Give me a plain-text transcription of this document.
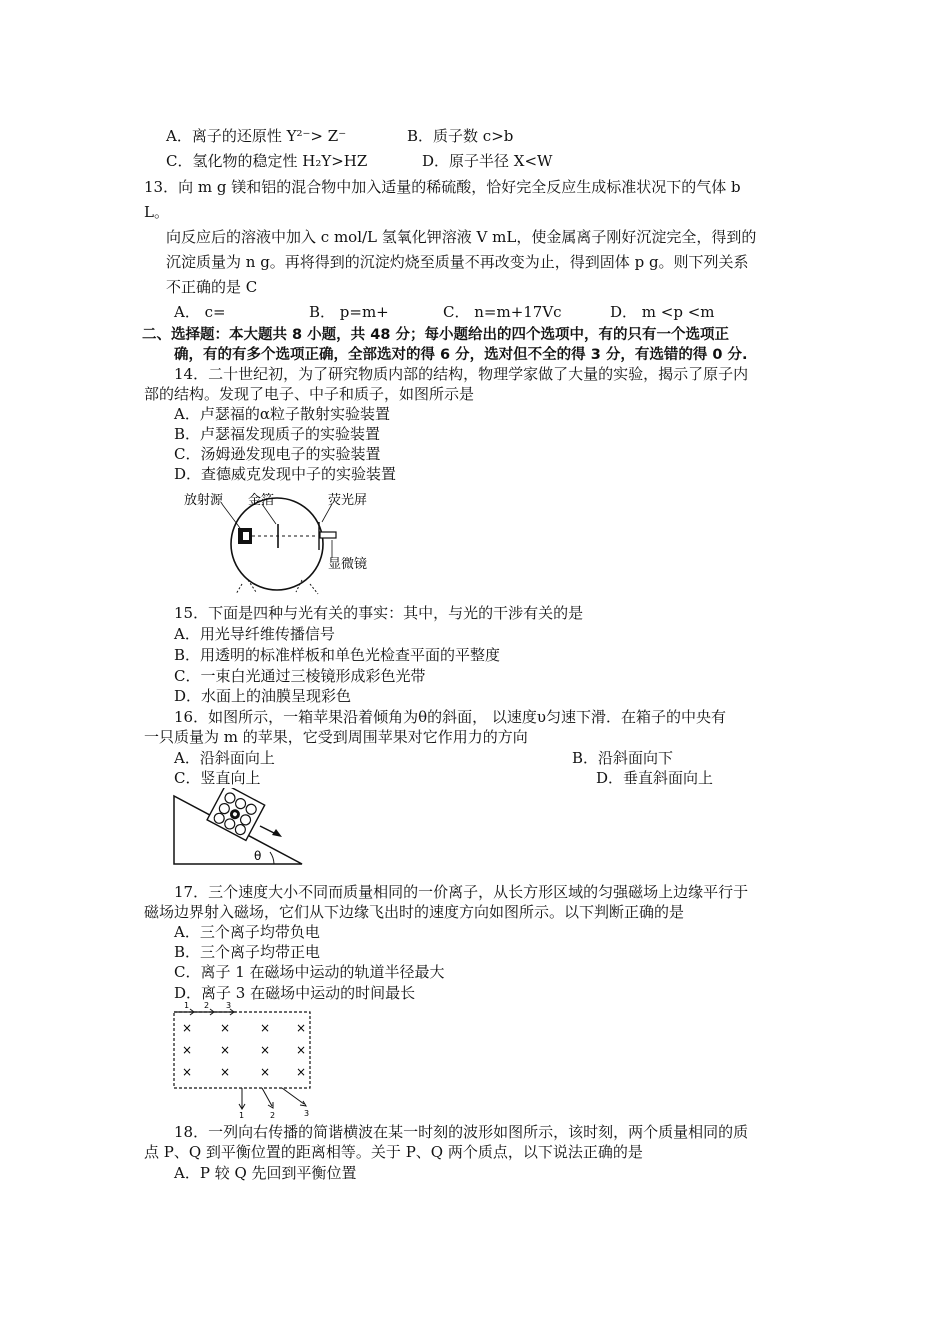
A．离子的还原性 Y²⁻> Z⁻	B．质子数 c>b
C．氢化物的稳定性 H₂Y>HZ	D．原子半径 X<W
13．向 m g 镁和铝的混合物中加入适量的稀硫酸，恰好完全反应生成标准状况下的气体 b
L。
向反应后的溶液中加入 c mol/L 氢氧化钾溶液 V mL，使金属离子刚好沉淀完全，得到的
沉淀质量为 n g。再将得到的沉淀灼烧至质量不再改变为止，得到固体 p g。则下列关系
不正确的是 C
A． c=	B． p=m+	C． n=m+17Vc	D． m <p <m
二、选择题：本大题共 8 小题，共 48 分；每小题给出的四个选项中，有的只有一个选项正
确，有的有多个选项正确，全部选对的得 6 分，选对但不全的得 3 分，有选错的得 0 分.
14．二十世纪初，为了研究物质内部的结构，物理学家做了大量的实验，揭示了原子内
部的结构。发现了电子、中子和质子，如图所示是
A．卢瑟福的α粒子散射实验装置
B．卢瑟福发现质子的实验装置
C．汤姆逊发现电子的实验装置
D．查德威克发现中子的实验装置
放射源 金箔	荧光屏
显微镜
15．下面是四种与光有关的事实：其中，与光的干涉有关的是
A．用光导纤维传播信号
B．用透明的标准样板和单色光检查平面的平整度
C．一束白光通过三棱镜形成彩色光带
D．水面上的油膜呈现彩色
16．如图所示，一箱苹果沿着倾角为θ的斜面， 以速度υ匀速下滑．在箱子的中央有
一只质量为 m 的苹果，它受到周围苹果对它作用力的方向
A．沿斜面向上	B．沿斜面向下
C．竖直向上	D．垂直斜面向上
θ
17．三个速度大小不同而质量相同的一价离子，从长方形区域的匀强磁场上边缘平行于
磁场边界射入磁场，它们从下边缘飞出时的速度方向如图所示。以下判断正确的是
A．三个离子均带负电
B．三个离子均带正电
C．离子 1 在磁场中运动的轨道半径最大
D．离子 3 在磁场中运动的时间最长
1 2 3
× × × ×
× × × ×
× × × ×
1	2	3
18．一列向右传播的简谐横波在某一时刻的波形如图所示，该时刻，两个质量相同的质
点 P、Q 到平衡位置的距离相等。关于 P、Q 两个质点，以下说法正确的是
A．P 较 Q 先回到平衡位置
